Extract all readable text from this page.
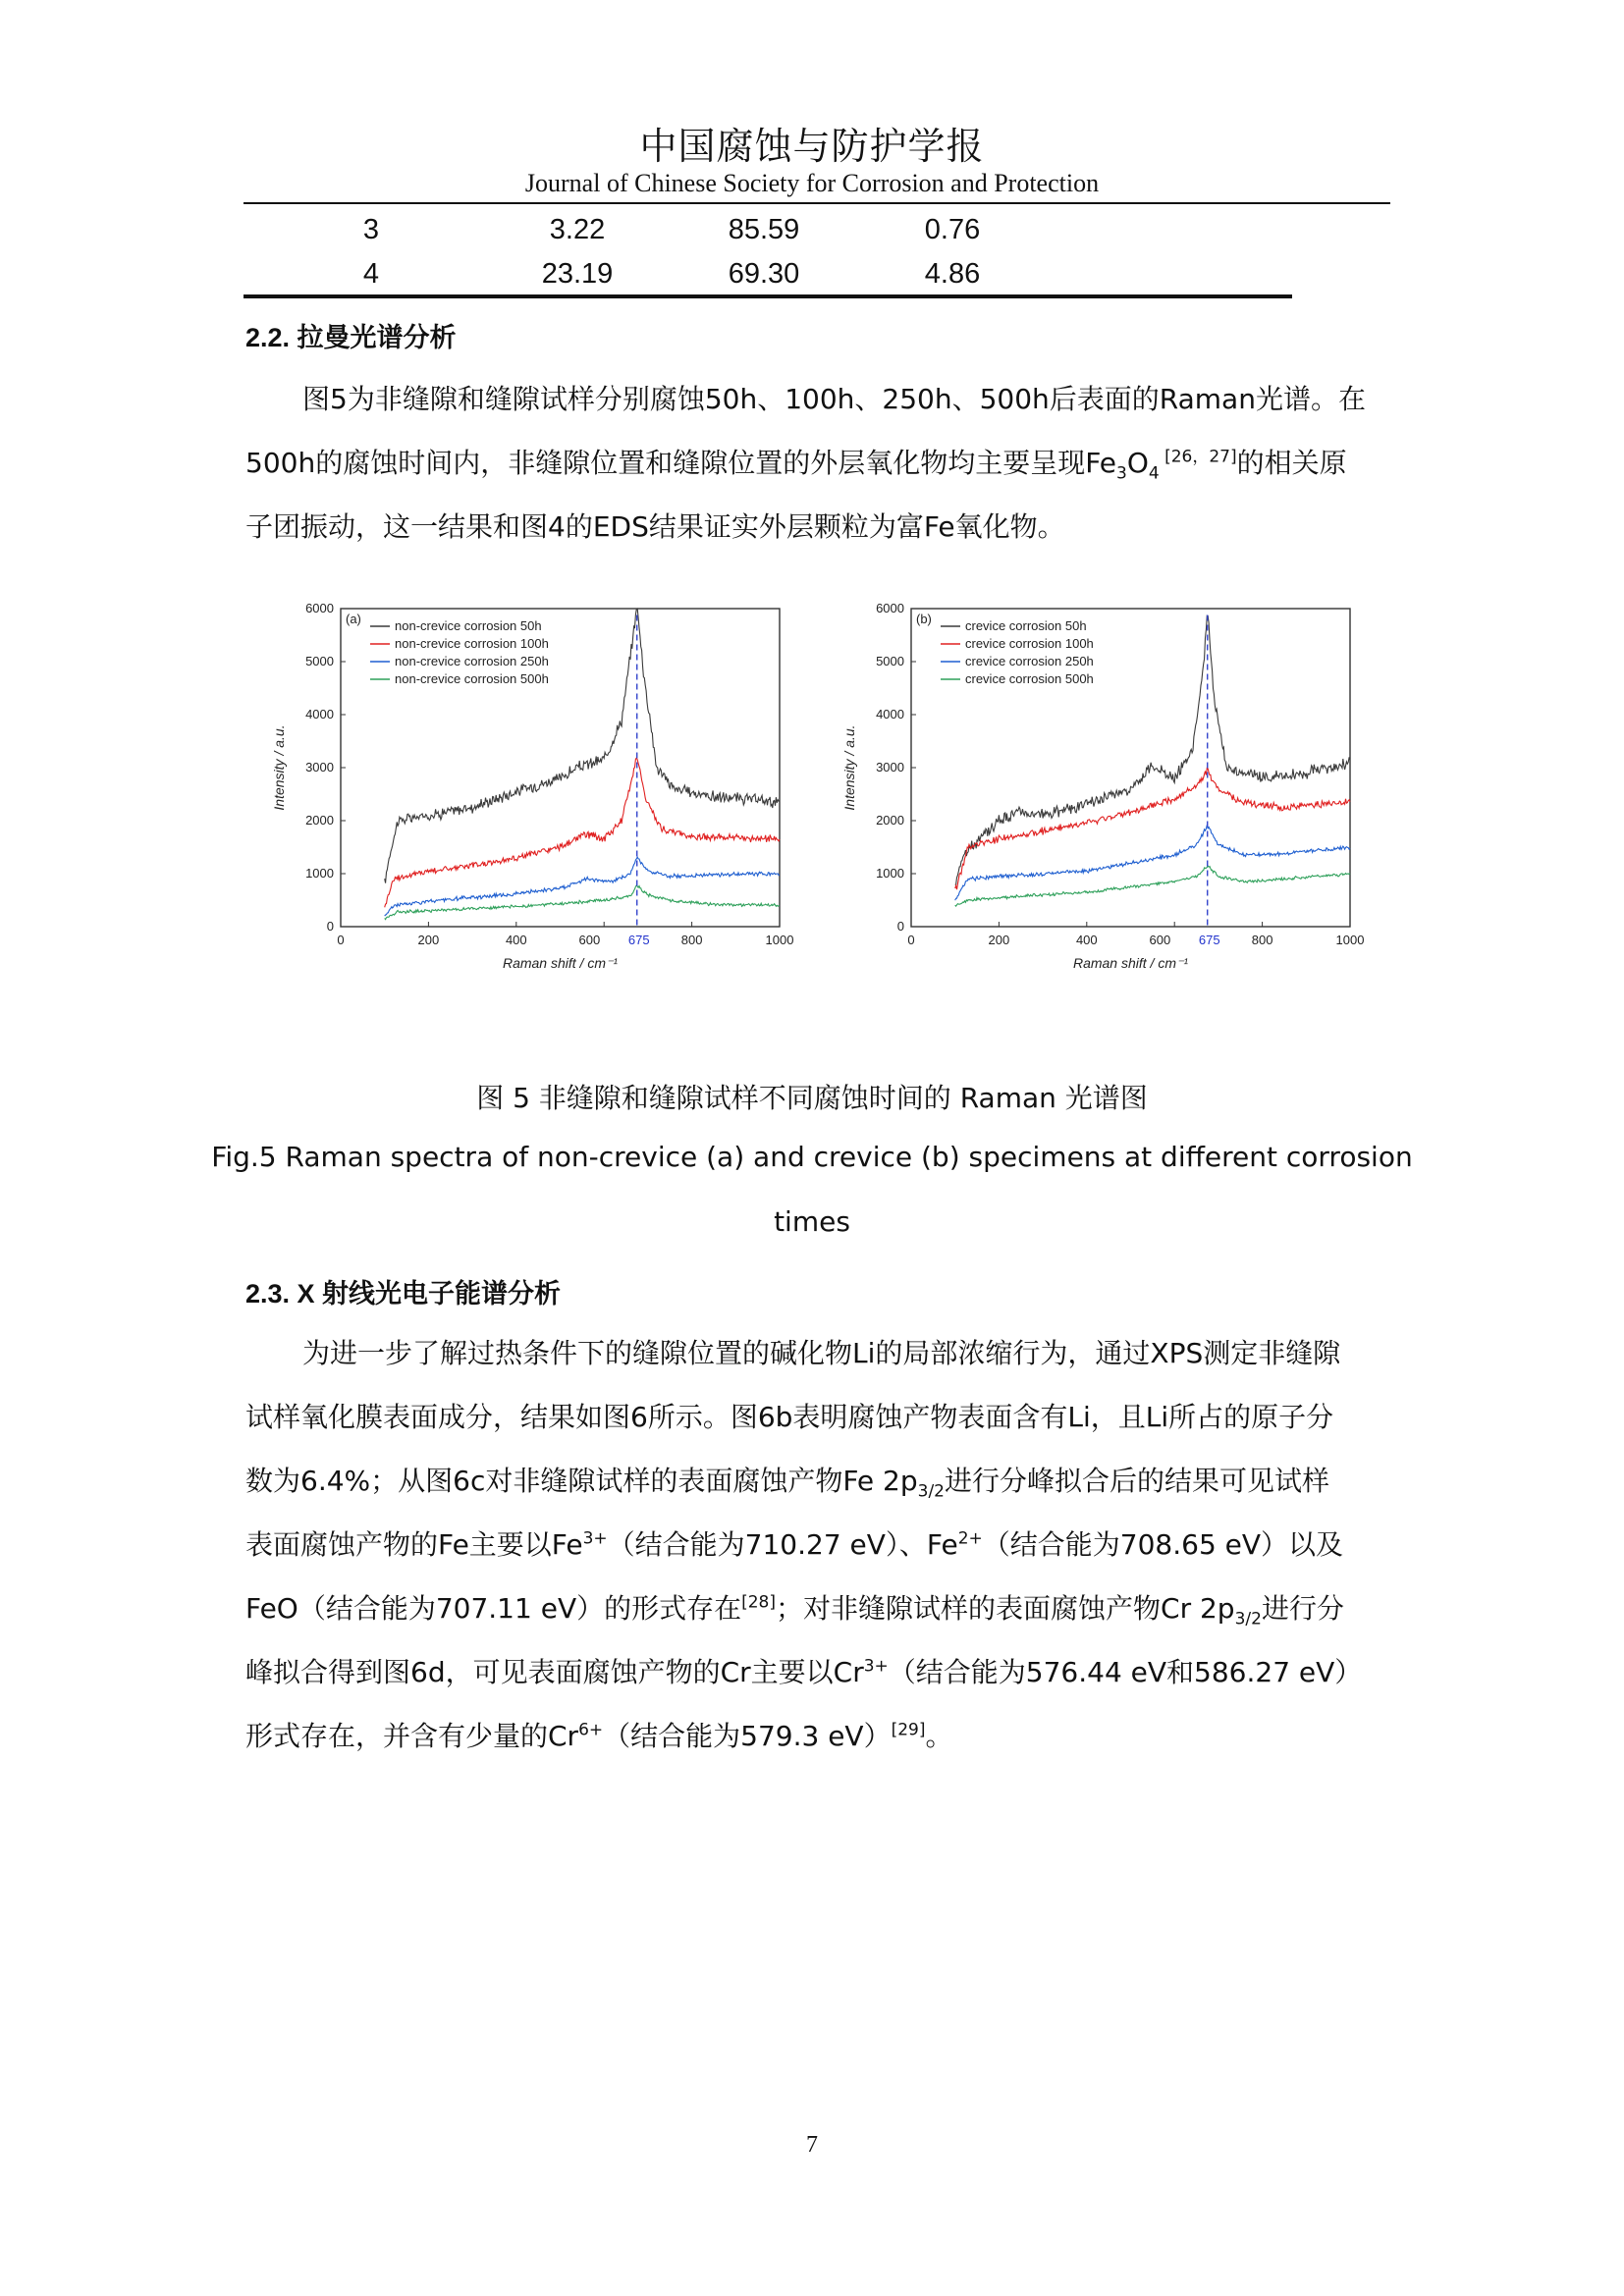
中国腐蚀与防护学报
Journal of Chinese Society for Corrosion and Protection
3	3.22	85.59	0.76
4	23.19	69.30	4.86
2.2. 拉曼光谱分析

图5为非缝隙和缝隙试样分别腐蚀50h、100h、250h、500h后表面的Raman光谱。在

500h的腐蚀时间内，非缝隙位置和缝隙位置的外层氧化物均主要呈现$Fe_3O_4$ [26，27]的相关原

子团振动，这一结果和图4的EDS结果证实外层颗粒为富Fe氧化物。

0
1000
2000
3000
4000
5000
6000
0	200	400	600	800	1000
675
Raman shift / cm⁻¹
Intensity / a.u.
(a)	non-crevice corrosion 50h
non-crevice corrosion 100h
non-crevice corrosion 250h
non-crevice corrosion 500h
0
1000
2000
3000
4000
5000
6000
0	200	400	600	800	1000
675
Raman shift / cm⁻¹
Intensity / a.u.
(b)	crevice corrosion 50h
crevice corrosion 100h
crevice corrosion 250h
crevice corrosion 500h
图 5 非缝隙和缝隙试样不同腐蚀时间的 Raman 光谱图
Fig.5 Raman spectra of non-crevice (a) and crevice (b) specimens at different corrosion
times
2.3. X 射线光电子能谱分析

为进一步了解过热条件下的缝隙位置的碱化物Li的局部浓缩行为，通过XPS测定非缝隙

试样氧化膜表面成分，结果如图6所示。图6b表明腐蚀产物表面含有Li，且Li所占的原子分

数为6.4%；从图6c对非缝隙试样的表面腐蚀产物Fe $2p_{3/2}$进行分峰拟合后的结果可见试样

表面腐蚀产物的Fe主要以$Fe^{3+}$（结合能为710.27 eV）、$Fe^{2+}$（结合能为708.65 eV）以及

FeO（结合能为707.11 eV）的形式存在[28]；对非缝隙试样的表面腐蚀产物Cr $2p_{3/2}$进行分

峰拟合得到图6d，可见表面腐蚀产物的Cr主要以$Cr^{3+}$（结合能为576.44 eV和586.27 eV）

形式存在，并含有少量的$Cr^{6+}$（结合能为579.3 eV）[29]。

7
